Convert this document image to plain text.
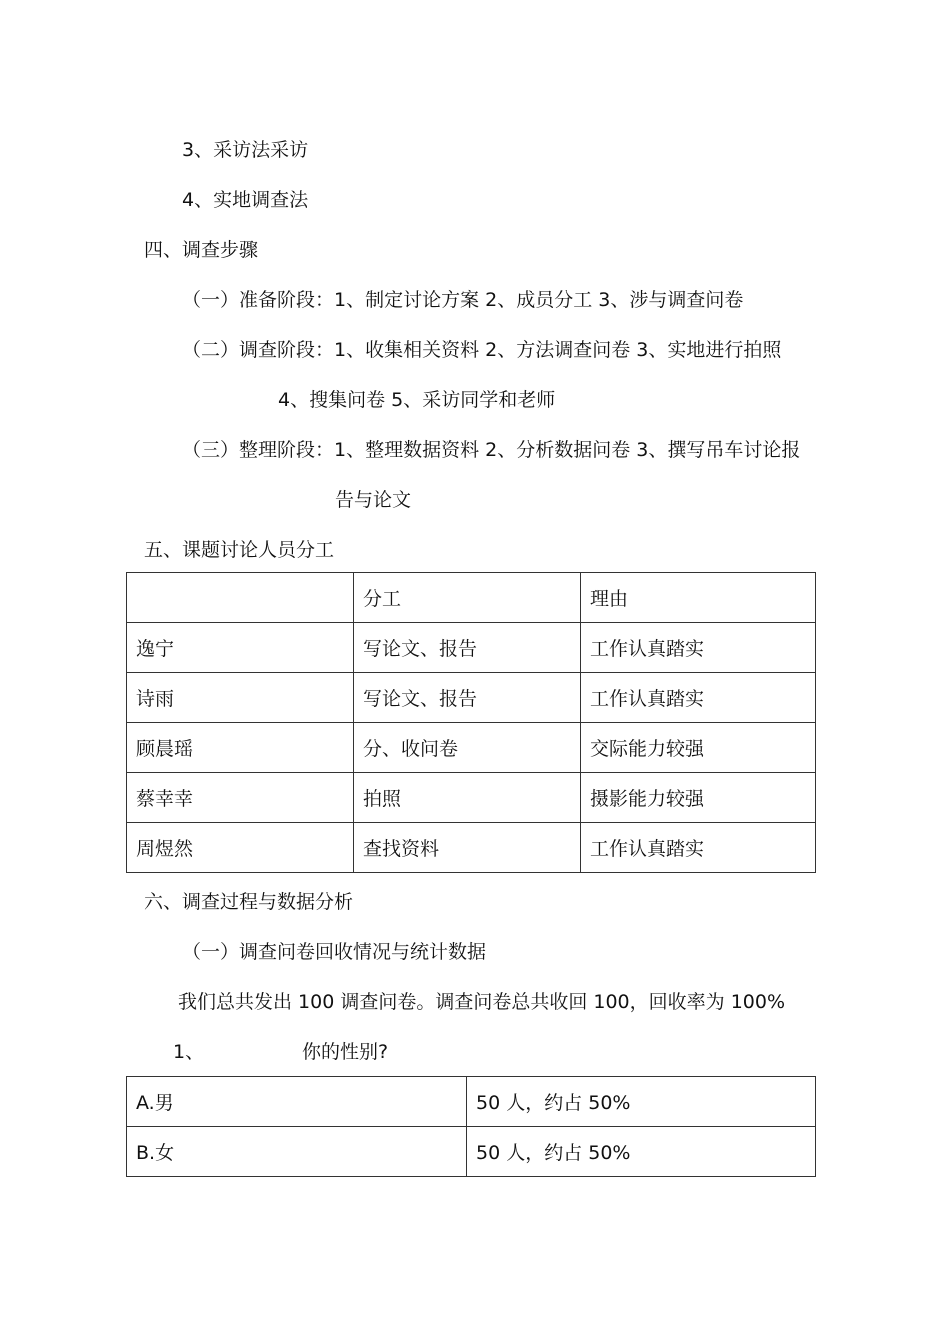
3、采访法采访
4、实地调查法
四、调查步骤
（一）准备阶段：1、制定讨论方案 2、成员分工 3、涉与调查问卷
（二）调查阶段：1、收集相关资料 2、方法调查问卷 3、实地进行拍照
4、搜集问卷 5、采访同学和老师
（三）整理阶段：1、整理数据资料 2、分析数据问卷 3、撰写吊车讨论报
告与论文
五、课题讨论人员分工
	分工	理由
逸宁	写论文、报告	工作认真踏实
诗雨	写论文、报告	工作认真踏实
顾晨瑶	分、收问卷	交际能力较强
蔡幸幸	拍照	摄影能力较强
周煜然	查找资料	工作认真踏实
六、调查过程与数据分析
（一）调查问卷回收情况与统计数据
我们总共发出 100 调查问卷。调查问卷总共收回 100，回收率为 100%
1、	你的性别?
A.男	50 人，约占 50%
B.女	50 人，约占 50%
